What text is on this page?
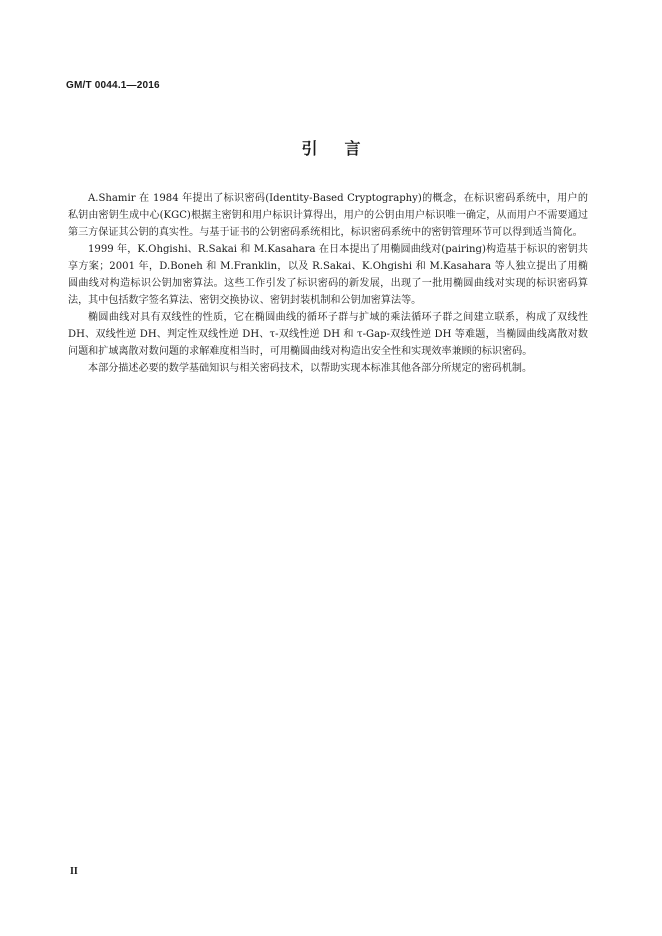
GM/T 0044.1—2016

引言

A.Shamir 在 1984 年提出了标识密码(Identity-Based Cryptography)的概念，在标识密码系统中，用户的私钥由密钥生成中心(KGC)根据主密钥和用户标识计算得出，用户的公钥由用户标识唯一确定，从而用户不需要通过第三方保证其公钥的真实性。与基于证书的公钥密码系统相比，标识密码系统中的密钥管理环节可以得到适当简化。

1999 年，K.Ohgishi、R.Sakai 和 M.Kasahara 在日本提出了用椭圆曲线对(pairing)构造基于标识的密钥共享方案；2001 年，D.Boneh 和 M.Franklin，以及 R.Sakai、K.Ohgishi 和 M.Kasahara 等人独立提出了用椭圆曲线对构造标识公钥加密算法。这些工作引发了标识密码的新发展，出现了一批用椭圆曲线对实现的标识密码算法，其中包括数字签名算法、密钥交换协议、密钥封装机制和公钥加密算法等。

椭圆曲线对具有双线性的性质，它在椭圆曲线的循环子群与扩域的乘法循环子群之间建立联系，构成了双线性 DH、双线性逆 DH、判定性双线性逆 DH、τ-双线性逆 DH 和 τ-Gap-双线性逆 DH 等难题，当椭圆曲线离散对数问题和扩域离散对数问题的求解难度相当时，可用椭圆曲线对构造出安全性和实现效率兼顾的标识密码。

本部分描述必要的数学基础知识与相关密码技术，以帮助实现本标准其他各部分所规定的密码机制。

II
